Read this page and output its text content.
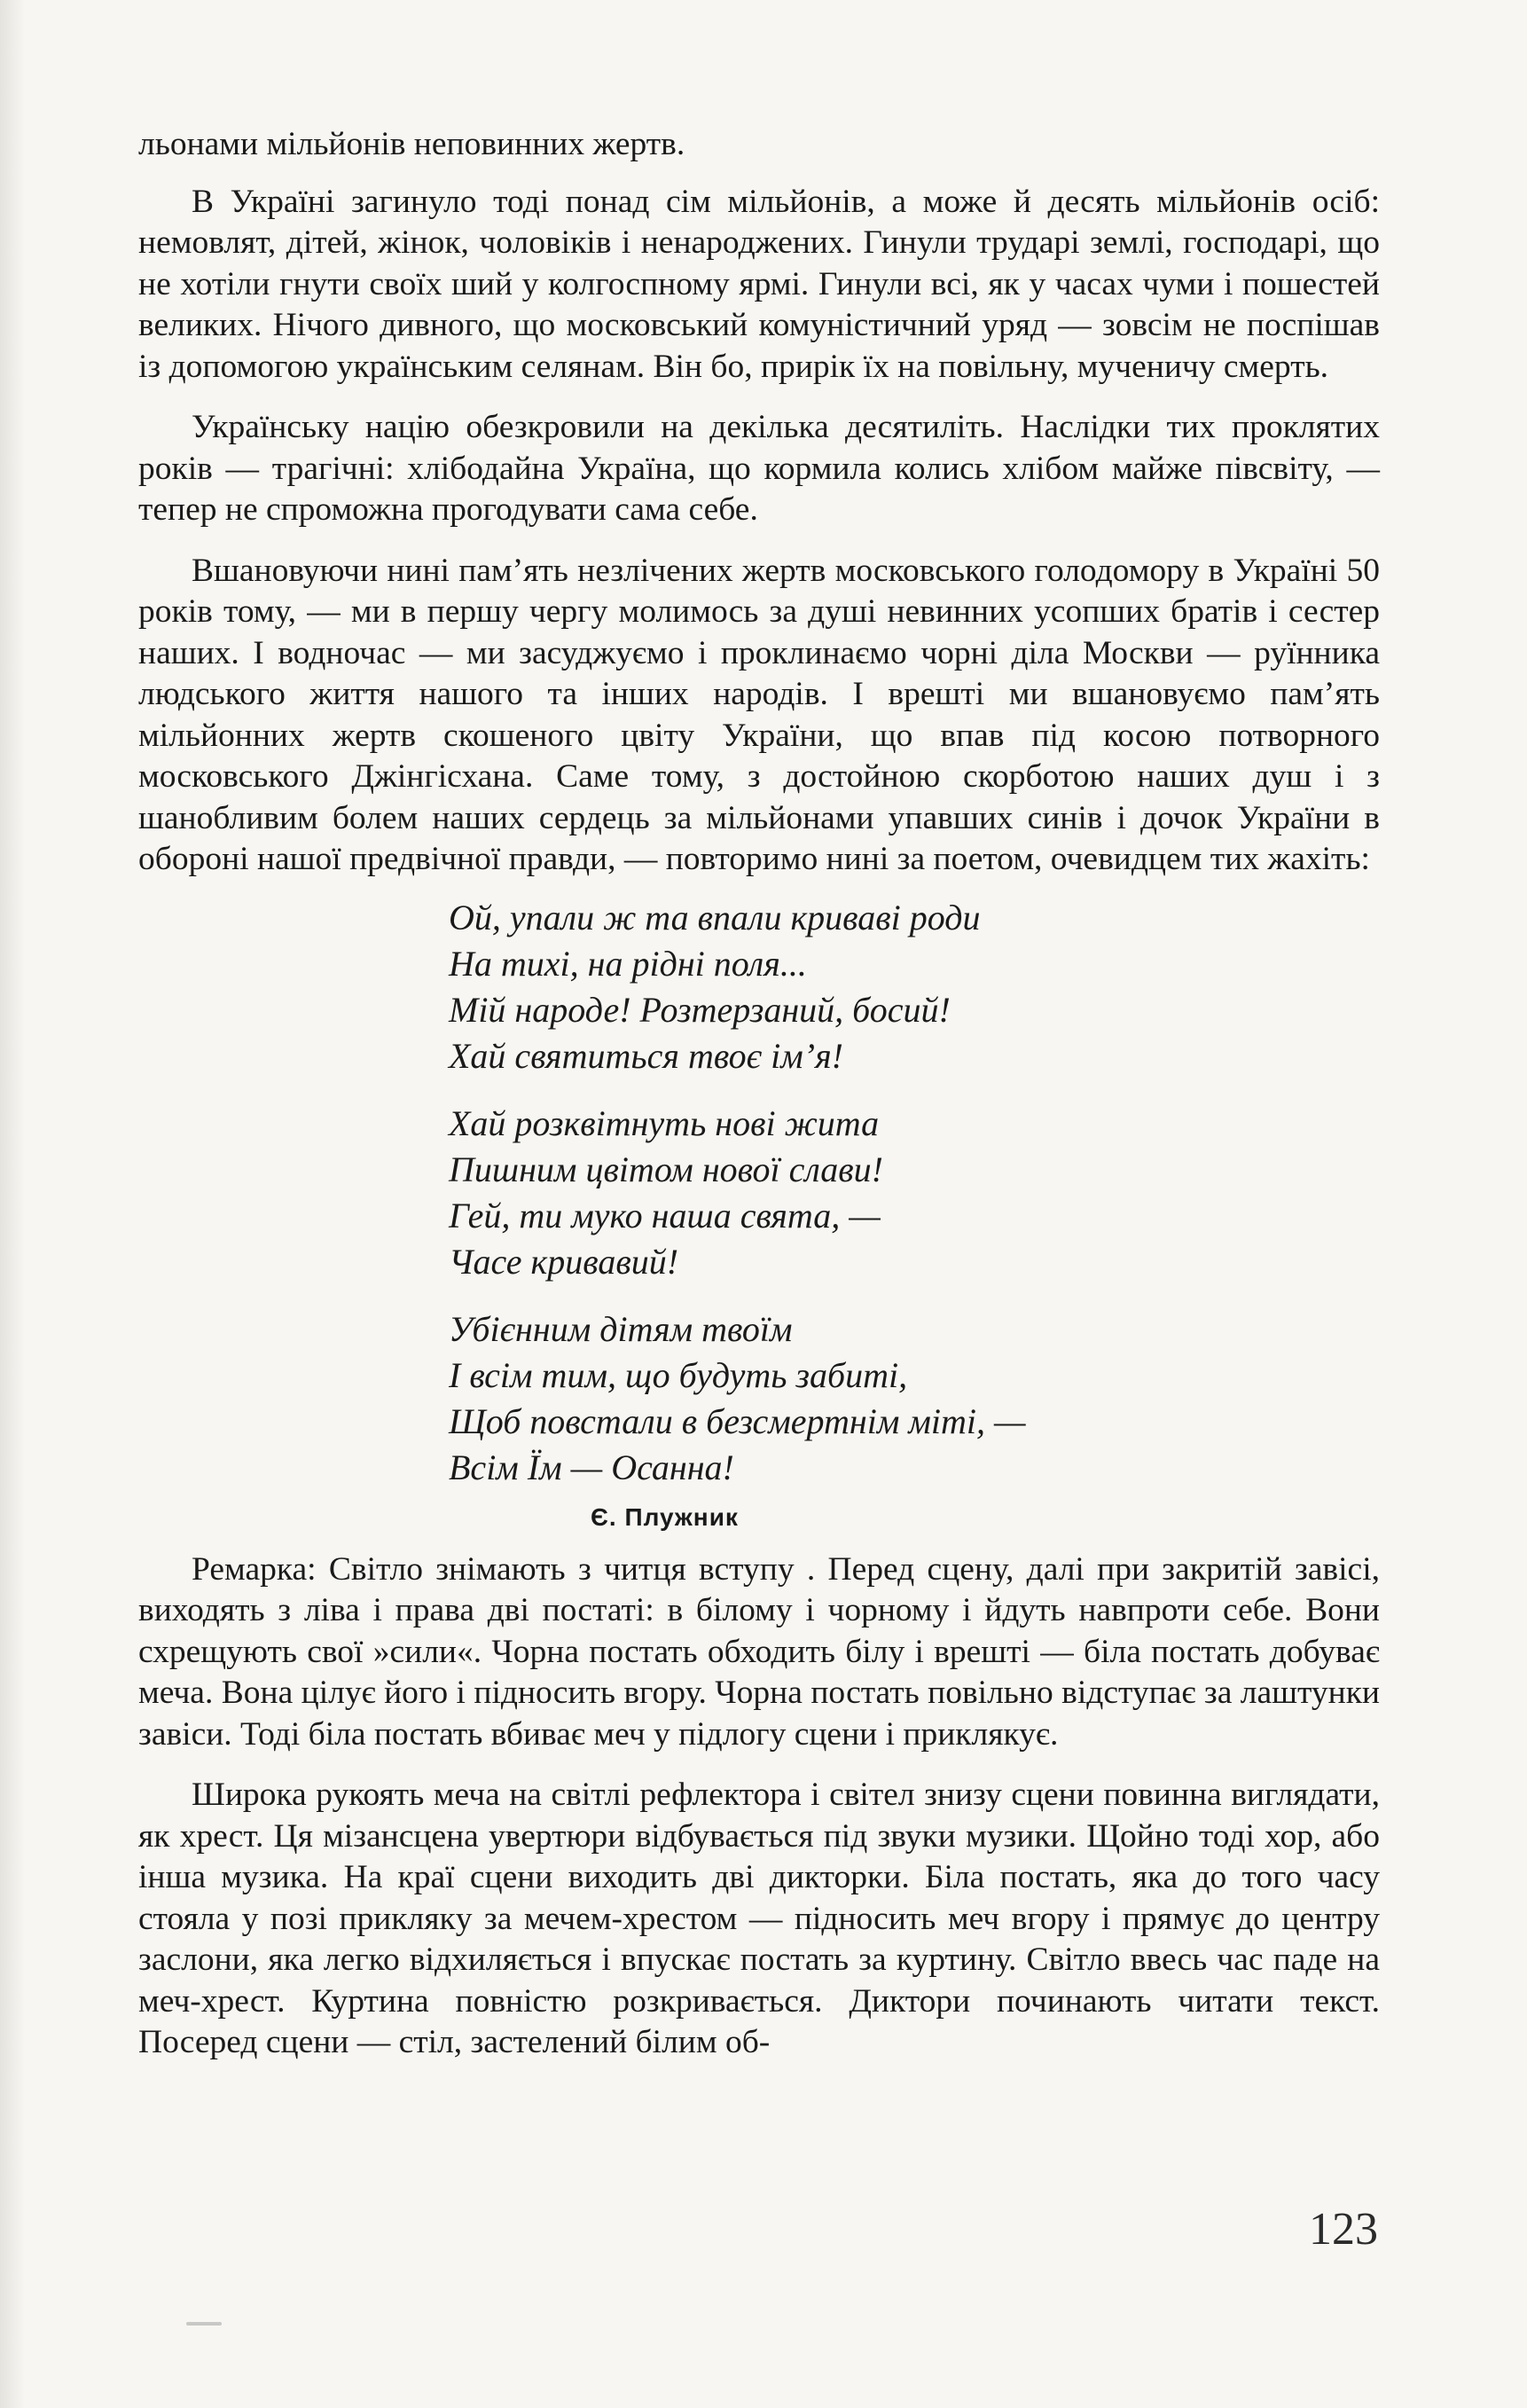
льонами мільйонів неповинних жертв.

В Україні загинуло тоді понад сім мільйонів, а може й десять мільйонів осіб: немовлят, дітей, жінок, чоловіків і ненароджених. Гинули трударі землі, господарі, що не хотіли гнути своїх ший у колгоспному ярмі. Гинули всі, як у часах чуми і пошестей великих. Нічого дивного, що московський комуністичний уряд — зовсім не поспішав із допомогою українським селянам. Він бо, прирік їх на повільну, мученичу смерть.

Українську націю обезкровили на декілька десятиліть. Наслідки тих проклятих років — трагічні: хлібодайна Україна, що кормила колись хлібом майже півсвіту, — тепер не спроможна прогодувати сама себе.

Вшановуючи нині пам’ять незлічених жертв московського голодомору в Україні 50 років тому, — ми в першу чергу молимось за душі невинних усопших братів і сестер наших. І водночас — ми засуджуємо і проклинаємо чорні діла Москви — руїнника людського життя нашого та інших народів. І врешті ми вшановуємо пам’ять мільйонних жертв скошеного цвіту України, що впав під косою потворного московського Джінгісхана. Саме тому, з достойною скорботою наших душ і з шанобливим болем наших сердець за мільйонами упавших синів і дочок України в обороні нашої предвічної правди, — повторимо нині за поетом, очевидцем тих жахіть:

Ой, упали ж та впали криваві роди
На тихі, на рідні поля...
Мій народе! Розтерзаний, босий!
Хай святиться твоє ім’я!
Хай розквітнуть нові жита
Пишним цвітом нової слави!
Гей, ти муко наша свята, —
Часе кривавий!
Убієнним дітям твоїм
І всім тим, що будуть забиті,
Щоб повстали в безсмертнім міті, —
Всім Їм — Осанна!

Є. Плужник

Ремарка: Світло знімають з читця вступу . Перед сцену, далі при закритій завісі, виходять з ліва і права дві постаті: в білому і чорному і йдуть навпроти себе. Вони схрещують свої »сили«. Чорна постать обходить білу і врешті — біла постать добуває меча. Вона цілує його і підносить вгору. Чорна постать повільно відступає за лаштунки завіси. Тоді біла постать вбиває меч у підлогу сцени і приклякує.

Широка рукоять меча на світлі рефлектора і світел знизу сцени повинна виглядати, як хрест. Ця мізансцена увертюри відбувається під звуки музики. Щойно тоді хор, або інша музика. На краї сцени виходить дві дикторки. Біла постать, яка до того часу стояла у позі приклякy за мечем-хрестом — підносить меч вгору і прямує до центру заслони, яка легко відхиляється і впускає постать за куртину. Світло ввесь час паде на меч-хрест. Куртина повністю розкривається. Диктори починають читати текст. Посеред сцени — стіл, застелений білим об-

123
